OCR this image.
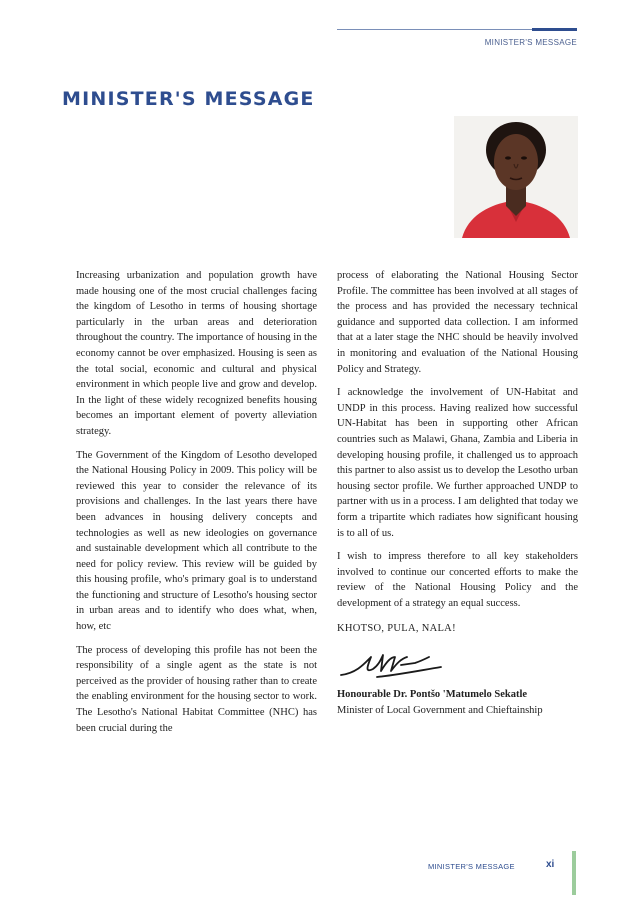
MINISTER'S MESSAGE
MINISTER'S MESSAGE

Increasing urbanization and population growth have made housing one of the most crucial challenges facing the kingdom of Lesotho in terms of housing shortage particularly in the urban areas and deterioration throughout the country. The importance of housing in the economy cannot be over emphasized. Housing is seen as the total social, economic and cultural and physical environment in which people live and grow and develop. In the light of these widely recognized benefits housing becomes an important element of poverty alleviation strategy.

The Government of the Kingdom of Lesotho developed the National Housing Policy in 2009. This policy will be reviewed this year to consider the relevance of its provisions and challenges. In the last years there have been advances in housing delivery concepts and technologies as well as new ideologies on governance and sustainable development which all contribute to the need for policy review. This review will be guided by this housing profile, who's primary goal is to understand the functioning and structure of Lesotho's housing sector in urban areas and to identify who does what, when, how, etc

The process of developing this profile has not been the responsibility of a single agent as the state is not perceived as the provider of housing rather than to create the enabling environment for the housing sector to work. The Lesotho's National Habitat Committee (NHC) has been crucial during the

process of elaborating the National Housing Sector Profile. The committee has been involved at all stages of the process and has provided the necessary technical guidance and supported data collection. I am informed that at a later stage the NHC should be heavily involved in monitoring and evaluation of the National Housing Policy and Strategy.

I acknowledge the involvement of UN-Habitat and UNDP in this process. Having realized how successful UN-Habitat has been in supporting other African countries such as Malawi, Ghana, Zambia and Liberia in developing housing profile, it challenged us to approach this partner to also assist us to develop the Lesotho urban housing sector profile. We further approached UNDP to partner with us in a process. I am delighted that today we form a tripartite which radiates how significant housing is to all of us.

I wish to impress therefore to all key stakeholders involved to continue our concerted efforts to make the review of the National Housing Policy and the development of a strategy an equal success.

KHOTSO, PULA, NALA!

Honourable Dr. Pontšo 'Matumelo Sekatle

Minister of Local Government and Chieftainship

MINISTER'S MESSAGE	xi
